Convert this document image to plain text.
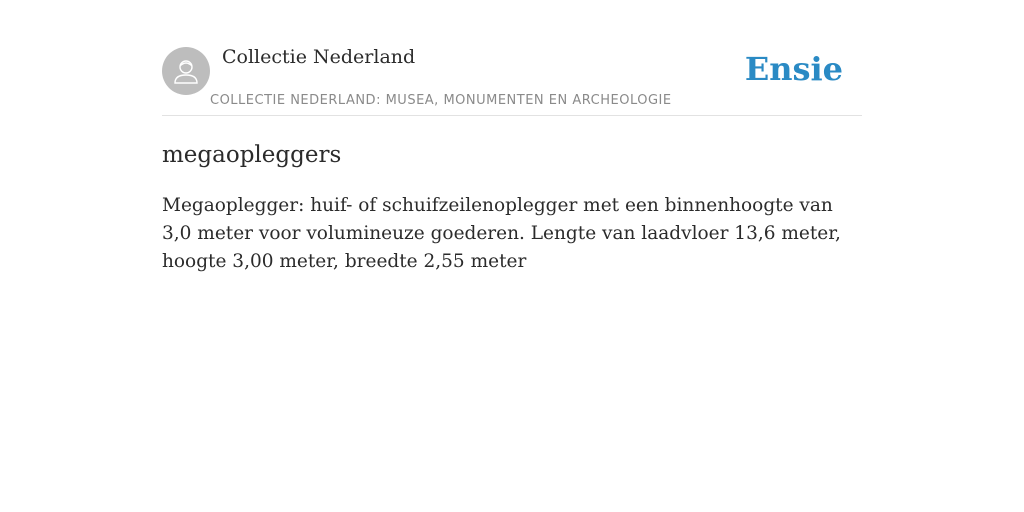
Collectie Nederland
COLLECTIE NEDERLAND: MUSEA, MONUMENTEN EN ARCHEOLOGIE
Ensie
megaopleggers

Megaoplegger: huif- of schuifzeilenoplegger met een binnenhoogte van 3,0 meter voor volumineuze goederen. Lengte van laadvloer 13,6 meter, hoogte 3,00 meter, breedte 2,55 meter
